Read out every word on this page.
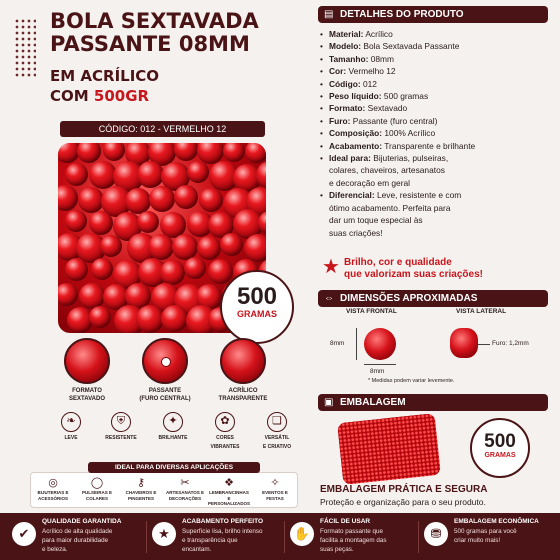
BOLA SEXTAVADA
PASSANTE 08MM
EM ACRÍLICO
COM 500GR
CÓDIGO: 012 - VERMELHO 12
500
GRAMAS
FORMATO
SEXTAVADO
PASSANTE
(FURO CENTRAL)
ACRÍLICO
TRANSPARENTE
❧
LEVE
⛨
RESISTENTE
✦
BRILHANTE
✿
CORES
VIBRANTES
❏
VERSÁTIL
E CRIATIVO
◎
BIJUTERIAS E
ACESSÓRIOS
◯
PULSEIRAS E
COLARES
⚷
CHAVEIROS E
PINGENTES
✂
ARTESANATOS E
DECORAÇÕES
❖
LEMBRANCINHAS
E PERSONALIZADOS
✧
EVENTOS E
FESTAS
IDEAL PARA DIVERSAS APLICAÇÕES
▤ DETALHES DO PRODUTO
• Material: Acrílico
• Modelo: Bola Sextavada Passante
• Tamanho: 08mm
• Cor: Vermelho 12
• Código: 012
• Peso líquido: 500 gramas
• Formato: Sextavado
• Furo: Passante (furo central)
• Composição: 100% Acrílico
• Acabamento: Transparente e brilhante
• Ideal para: Bijuterias, pulseiras,
colares, chaveiros, artesanatos
e decoração em geral
• Diferencial: Leve, resistente e com
ótimo acabamento. Perfeita para
dar um toque especial às
suas criações!
★ Brilho, cor e qualidade
que valorizam suas criações!
⇔ DIMENSÕES APROXIMADAS
VISTA FRONTAL	VISTA LATERAL
8mm
8mm
* Medidas podem variar levemente.
Furo: 1,2mm
▣ EMBALAGEM
500
GRAMAS
EMBALAGEM PRÁTICA E SEGURA
Proteção e organização para o seu produto.
✔
QUALIDADE GARANTIDA
Acrílico de alta qualidade
para maior durabilidade
e beleza.
★
ACABAMENTO PERFEITO
Superfície lisa, brilho intenso
e transparência que
encantam.
✋
FÁCIL DE USAR
Formato passante que
facilita a montagem das
suas peças.
⛃
EMBALAGEM ECONÔMICA
500 gramas para você
criar muito mais!
